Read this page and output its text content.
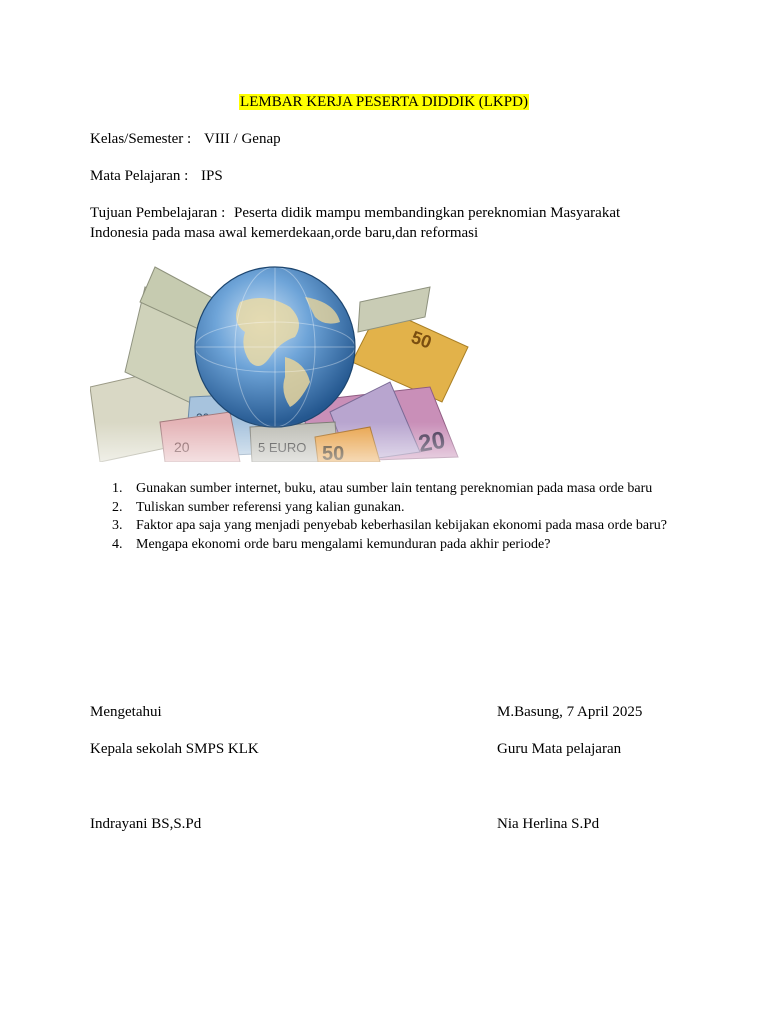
LEMBAR KERJA PESERTA DIDDIK (LKPD)
Kelas/Semester : VIII / Genap
Mata Pelajaran : IPS
Tujuan Pembelajaran : Peserta didik mampu membandingkan pereknomian Masyarakat
Indonesia pada masa awal kemerdekaan,orde baru,dan reformasi
1. Gunakan sumber internet, buku, atau sumber lain tentang pereknomian pada masa orde baru
2. Tuliskan sumber referensi yang kalian gunakan.
3. Faktor apa saja yang menjadi penyebab keberhasilan kebijakan ekonomi pada masa orde baru?
4. Mengapa ekonomi orde baru mengalami kemunduran pada akhir periode?
Mengetahui	M.Basung, 7 April 2025
Kepala sekolah SMPS KLK	Guru Mata pelajaran
Indrayani BS,S.Pd	Nia Herlina S.Pd
